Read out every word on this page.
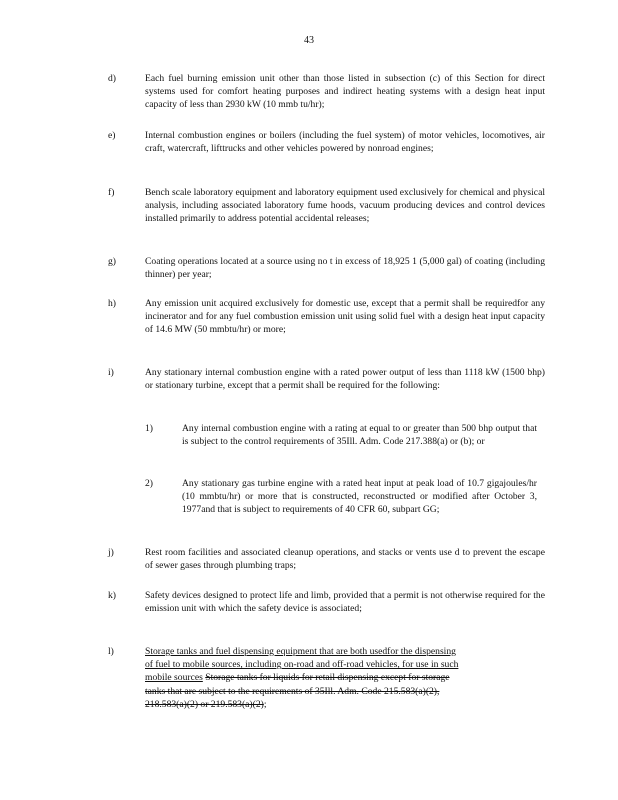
43
d)	Each fuel burning emission unit other than those listed in subsection (c) of this Section for direct systems used for comfort heating purposes and indirect heating systems with a design heat input capacity of less than 2930 kW (10 mmb tu/hr);
e)	Internal combustion engines or boilers (including the fuel system) of motor vehicles, locomotives, air craft, watercraft, lifttrucks and other vehicles powered by nonroad engines;
f)	Bench scale laboratory equipment and laboratory equipment used exclusively for chemical and physical analysis, including associated laboratory fume hoods, vacuum producing devices and control devices installed primarily to address potential accidental releases;
g)	Coating operations located at a source using no t in excess of 18,925 1 (5,000 gal) of coating (including thinner) per year;
h)	Any emission unit acquired exclusively for domestic use, except that a permit shall be requiredfor any incinerator and for any fuel combustion emission unit using solid fuel with a design heat input capacity of 14.6 MW (50 mmbtu/hr) or more;
i)	Any stationary internal combustion engine with a rated power output of less than 1118 kW (1500 bhp) or stationary turbine, except that a permit shall be required for the following:
1)	Any internal combustion engine with a rating at equal to or greater than 500 bhp output that is subject to the control requirements of 35Ill. Adm. Code 217.388(a) or (b); or
2)	Any stationary gas turbine engine with a rated heat input at peak load of 10.7 gigajoules/hr (10 mmbtu/hr) or more that is constructed, reconstructed or modified after October 3, 1977and that is subject to requirements of 40 CFR 60, subpart GG;
j)	Rest room facilities and associated cleanup operations, and stacks or vents use d to prevent the escape of sewer gases through plumbing traps;
k)	Safety devices designed to protect life and limb, provided that a permit is not otherwise required for the emission unit with which the safety device is associated;
l)	Storage tanks and fuel dispensing equipment that are both usedfor the dispensing
of fuel to mobile sources, including on-road and off-road vehicles, for use in such
mobile sources Storage tanks for liquids for retail dispensing except for storage
tanks that are subject to the requirements of 35Ill. Adm. Code 215.583(a)(2),
218.583(a)(2) or 219.583(a)(2);
